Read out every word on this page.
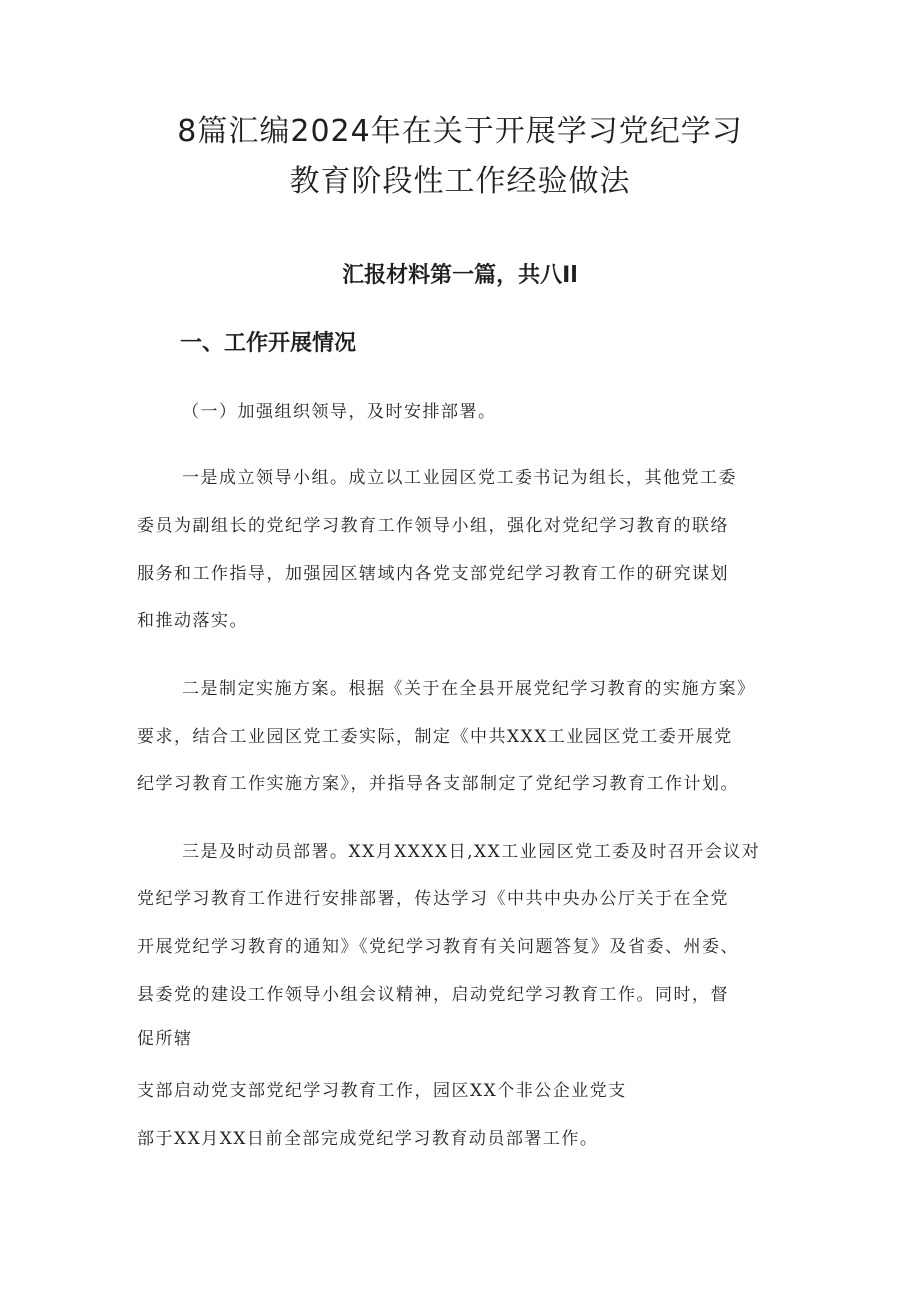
8篇汇编2024年在关于开展学习党纪学习
教育阶段性工作经验做法
汇报材料第一篇，共八Il
一、工作开展情况
（一）加强组织领导，及时安排部署。
一是成立领导小组。成立以工业园区党工委书记为组长，其他党工委
委员为副组长的党纪学习教育工作领导小组，强化对党纪学习教育的联络
服务和工作指导，加强园区辖域内各党支部党纪学习教育工作的研究谋划
和推动落实。
二是制定实施方案。根据《关于在全县开展党纪学习教育的实施方案》
要求，结合工业园区党工委实际，制定《中共XXX工业园区党工委开展党
纪学习教育工作实施方案》，并指导各支部制定了党纪学习教育工作计划。
三是及时动员部署。XX月XXXX日,XX工业园区党工委及时召开会议对
党纪学习教育工作进行安排部署，传达学习《中共中央办公厅关于在全党
开展党纪学习教育的通知》《党纪学习教育有关问题答复》及省委、州委、
县委党的建设工作领导小组会议精神，启动党纪学习教育工作。同时，督
促所辖
支部启动党支部党纪学习教育工作，园区XX个非公企业党支
部于XX月XX日前全部完成党纪学习教育动员部署工作。
